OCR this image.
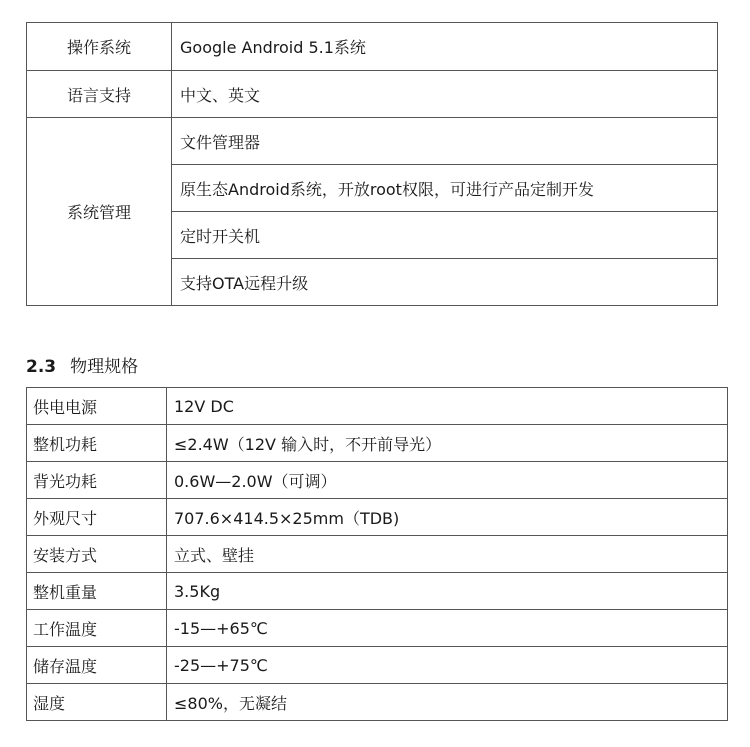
操作系统	Google Android 5.1系统
语言支持	中文、英文
系统管理	文件管理器
	原生态Android系统，开放root权限，可进行产品定制开发
	定时开关机
	支持OTA远程升级
2.3 物理规格
供电电源	12V DC
整机功耗	≤2.4W（12V 输入时，不开前导光）
背光功耗	0.6W—2.0W（可调）
外观尺寸	707.6×414.5×25mm（TDB)
安装方式	立式、壁挂
整机重量	3.5Kg
工作温度	-15—+65℃
储存温度	-25—+75℃
湿度	≤80%，无凝结
